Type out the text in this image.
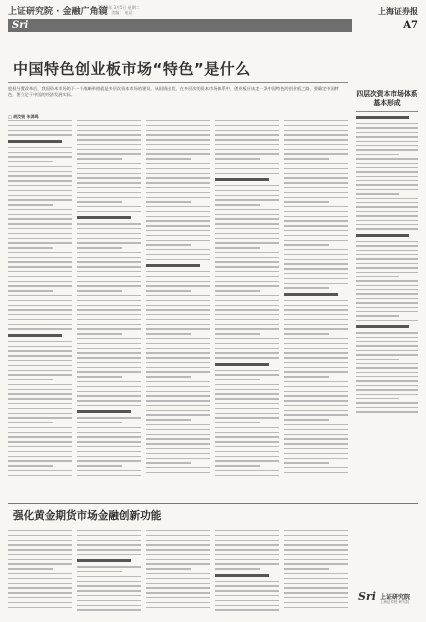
上证研究院 · 金融广角镜
2009年 3月5日 星期二
编辑： 美编： 电话：	上海证券报
Sri	A7
中国特色创业板市场“特色”是什么
股权分置改革后，我国资本市场的下一个战略举措就是多层次资本市场的建设。从国情出发，在多层次的资本市场体系中，创业板应该走一条中国特色的创业板之路，要确定中国特色，要立足于中国的经济发展实际。
□ 胡汝银 朱鸿鸣
四层次资本市场体系基本形成
强化黄金期货市场金融创新功能
Sri 上证研究院
上海证券报·研究院
